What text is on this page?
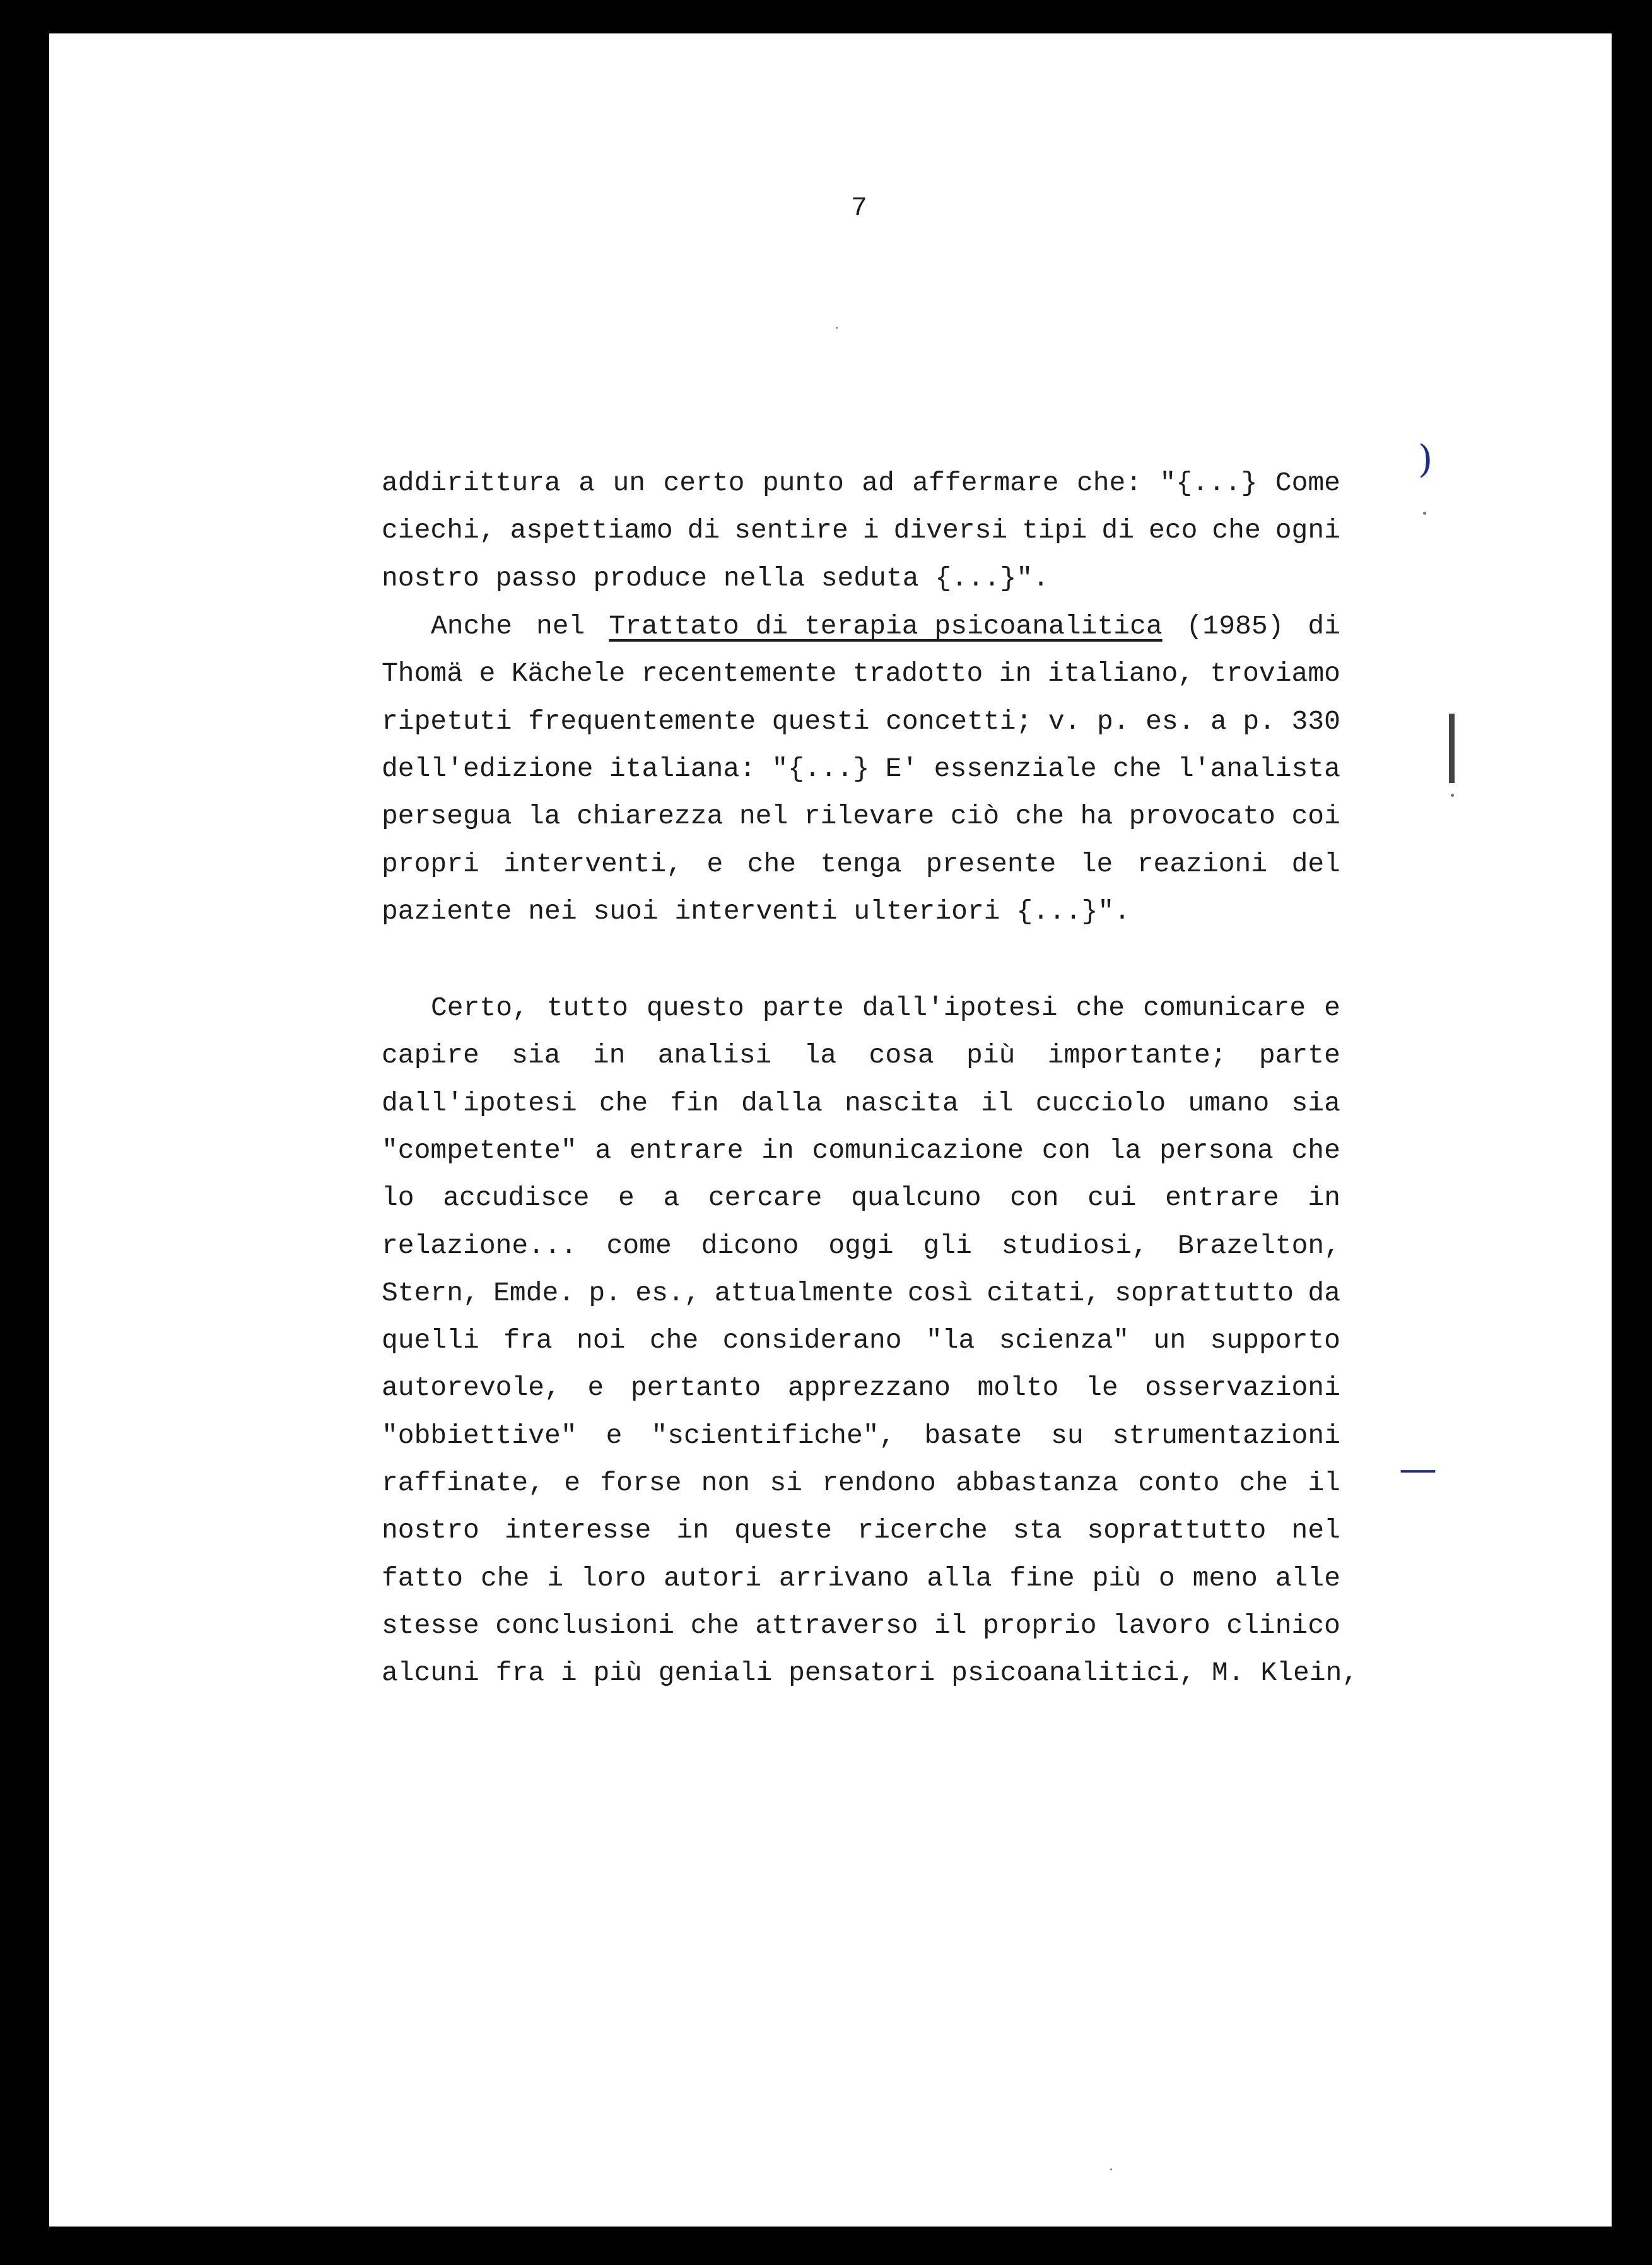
7
addirittura a un certo punto ad affermare che: "{...} Come
ciechi, aspettiamo di sentire i diversi tipi di eco che ogni
nostro passo produce nella seduta {...}".
Anche nel Trattato di terapia psicoanalitica (1985) di
Thomä e Kächele recentemente tradotto in italiano, troviamo
ripetuti frequentemente questi concetti; v. p. es. a p. 330
dell'edizione italiana: "{...} E' essenziale che l'analista
persegua la chiarezza nel rilevare ciò che ha provocato coi
propri interventi, e che tenga presente le reazioni del
paziente nei suoi interventi ulteriori {...}".
Certo, tutto questo parte dall'ipotesi che comunicare e
capire sia in analisi la cosa più importante; parte
dall'ipotesi che fin dalla nascita il cucciolo umano sia
"competente" a entrare in comunicazione con la persona che
lo accudisce e a cercare qualcuno con cui entrare in
relazione... come dicono oggi gli studiosi, Brazelton,
Stern, Emde. p. es., attualmente così citati, soprattutto da
quelli fra noi che considerano "la scienza" un supporto
autorevole, e pertanto apprezzano molto le osservazioni
"obbiettive" e "scientifiche", basate su strumentazioni
raffinate, e forse non si rendono abbastanza conto che il
nostro interesse in queste ricerche sta soprattutto nel
fatto che i loro autori arrivano alla fine più o meno alle
stesse conclusioni che attraverso il proprio lavoro clinico
alcuni fra i più geniali pensatori psicoanalitici, M. Klein,
)
|
—
